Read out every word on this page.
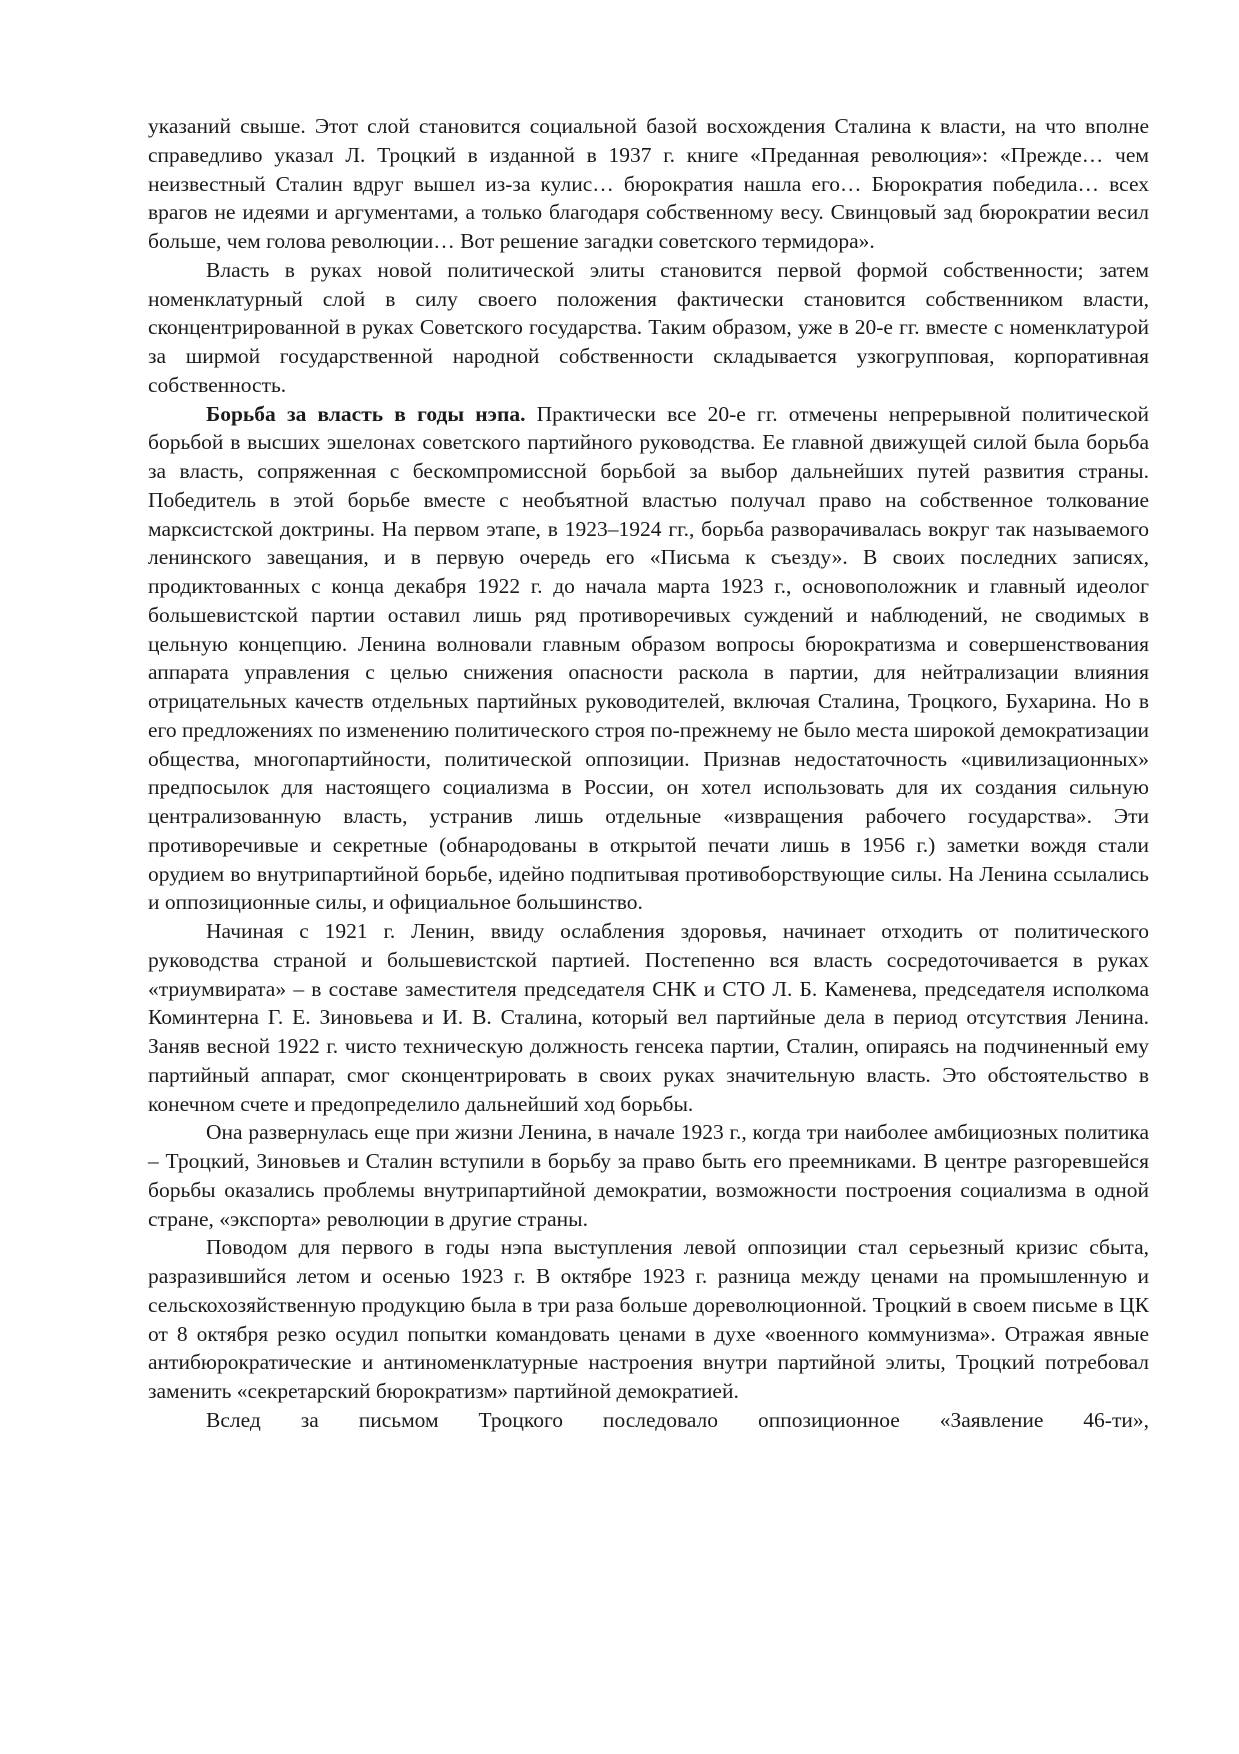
указаний свыше. Этот слой становится социальной базой восхождения Сталина к власти, на что вполне справедливо указал Л. Троцкий в изданной в 1937 г. книге «Преданная революция»: «Прежде… чем неизвестный Сталин вдруг вышел из-за кулис… бюрократия нашла его… Бюрократия победила… всех врагов не идеями и аргументами, а только благодаря собственному весу. Свинцовый зад бюрократии весил больше, чем голова революции… Вот решение загадки советского термидора».

Власть в руках новой политической элиты становится первой формой собственности; затем номенклатурный слой в силу своего положения фактически становится собственником власти, сконцентрированной в руках Советского государства. Таким образом, уже в 20-е гг. вместе с номенклатурой за ширмой государственной народной собственности складывается узкогрупповая, корпоративная собственность.

Борьба за власть в годы нэпа. Практически все 20-е гг. отмечены непрерывной политической борьбой в высших эшелонах советского партийного руководства. Ее главной движущей силой была борьба за власть, сопряженная с бескомпромиссной борьбой за выбор дальнейших путей развития страны. Победитель в этой борьбе вместе с необъятной властью получал право на собственное толкование марксистской доктрины. На первом этапе, в 1923–1924 гг., борьба разворачивалась вокруг так называемого ленинского завещания, и в первую очередь его «Письма к съезду». В своих последних записях, продиктованных с конца декабря 1922 г. до начала марта 1923 г., основоположник и главный идеолог большевистской партии оставил лишь ряд противоречивых суждений и наблюдений, не сводимых в цельную концепцию. Ленина волновали главным образом вопросы бюрократизма и совершенствования аппарата управления с целью снижения опасности раскола в партии, для нейтрализации влияния отрицательных качеств отдельных партийных руководителей, включая Сталина, Троцкого, Бухарина. Но в его предложениях по изменению политического строя по-прежнему не было места широкой демократизации общества, многопартийности, политической оппозиции. Признав недостаточность «цивилизационных» предпосылок для настоящего социализма в России, он хотел использовать для их создания сильную централизованную власть, устранив лишь отдельные «извращения рабочего государства». Эти противоречивые и секретные (обнародованы в открытой печати лишь в 1956 г.) заметки вождя стали орудием во внутрипартийной борьбе, идейно подпитывая противоборствующие силы. На Ленина ссылались и оппозиционные силы, и официальное большинство.

Начиная с 1921 г. Ленин, ввиду ослабления здоровья, начинает отходить от политического руководства страной и большевистской партией. Постепенно вся власть сосредоточивается в руках «триумвирата» – в составе заместителя председателя СНК и СТО Л. Б. Каменева, председателя исполкома Коминтерна Г. Е. Зиновьева и И. В. Сталина, который вел партийные дела в период отсутствия Ленина. Заняв весной 1922 г. чисто техническую должность генсека партии, Сталин, опираясь на подчиненный ему партийный аппарат, смог сконцентрировать в своих руках значительную власть. Это обстоятельство в конечном счете и предопределило дальнейший ход борьбы.

Она развернулась еще при жизни Ленина, в начале 1923 г., когда три наиболее амбициозных политика – Троцкий, Зиновьев и Сталин вступили в борьбу за право быть его преемниками. В центре разгоревшейся борьбы оказались проблемы внутрипартийной демократии, возможности построения социализма в одной стране, «экспорта» революции в другие страны.

Поводом для первого в годы нэпа выступления левой оппозиции стал серьезный кризис сбыта, разразившийся летом и осенью 1923 г. В октябре 1923 г. разница между ценами на промышленную и сельскохозяйственную продукцию была в три раза больше дореволюционной. Троцкий в своем письме в ЦК от 8 октября резко осудил попытки командовать ценами в духе «военного коммунизма». Отражая явные антибюрократические и антиноменклатурные настроения внутри партийной элиты, Троцкий потребовал заменить «секретарский бюрократизм» партийной демократией.

Вслед за письмом Троцкого последовало оппозиционное «Заявление 46-ти»,
